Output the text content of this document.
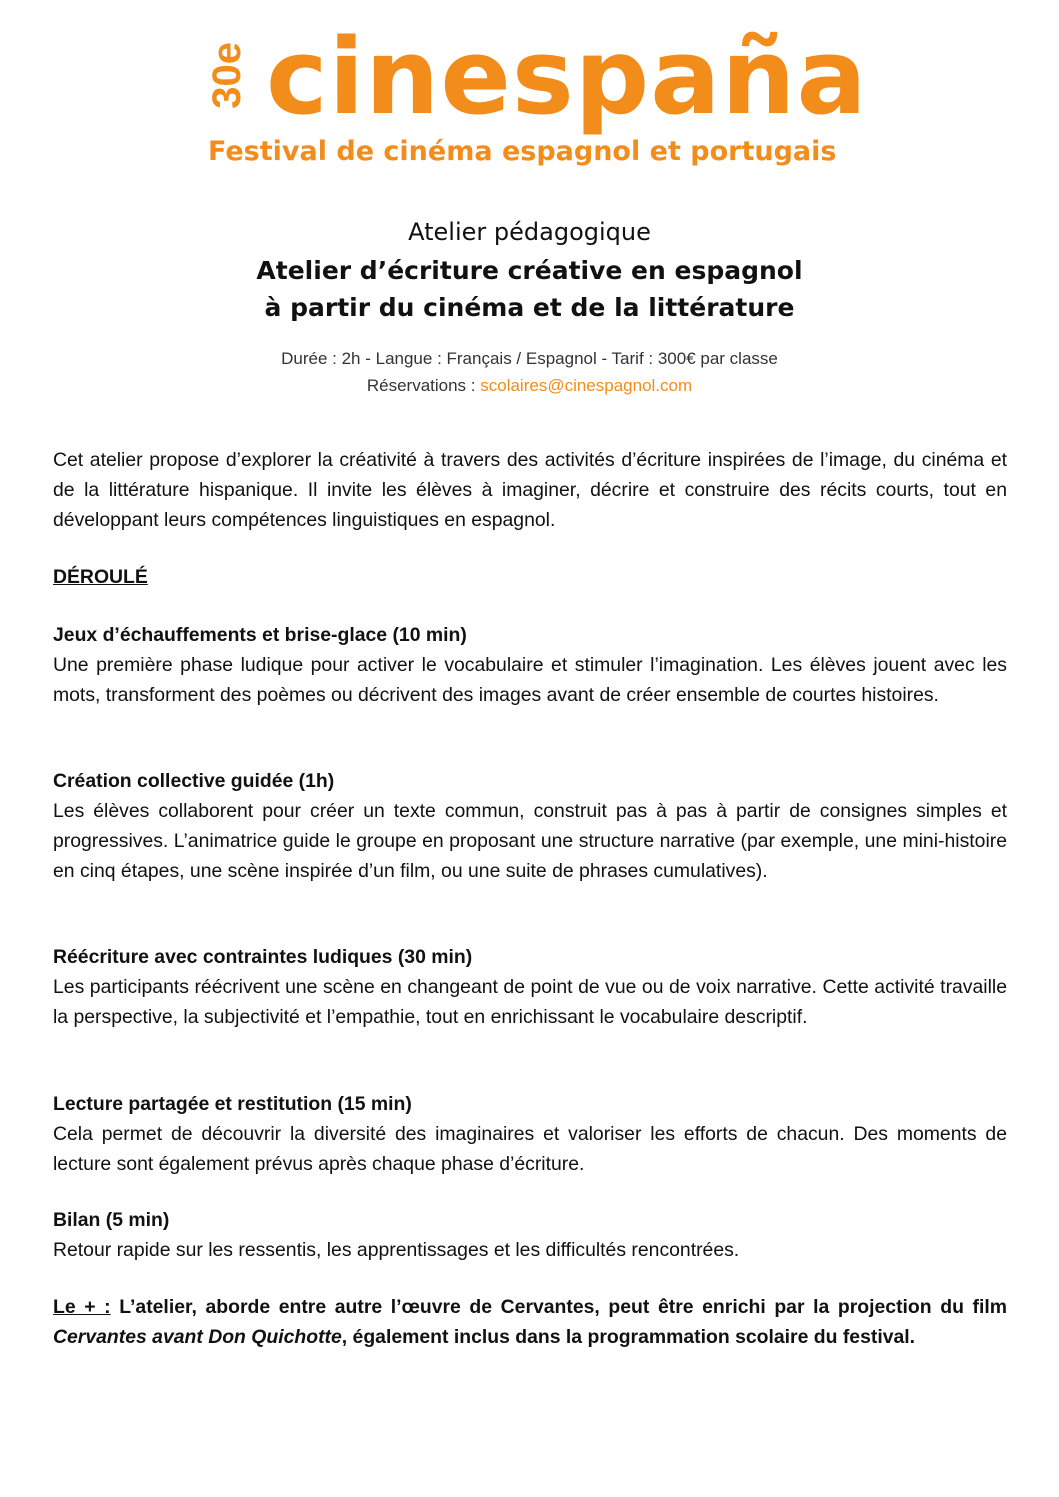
30e cinespaña
Festival de cinéma espagnol et portugais
Atelier pédagogique
Atelier d’écriture créative en espagnol
à partir du cinéma et de la littérature
Durée : 2h - Langue : Français / Espagnol - Tarif : 300€ par classe
Réservations : scolaires@cinespagnol.com
Cet atelier propose d’explorer la créativité à travers des activités d’écriture inspirées de l’image, du cinéma et de la littérature hispanique. Il invite les élèves à imaginer, décrire et construire des récits courts, tout en développant leurs compétences linguistiques en espagnol.
DÉROULÉ
Jeux d’échauffements et brise-glace (10 min)
Une première phase ludique pour activer le vocabulaire et stimuler l’imagination. Les élèves jouent avec les mots, transforment des poèmes ou décrivent des images avant de créer ensemble de courtes histoires.
Création collective guidée (1h)
Les élèves collaborent pour créer un texte commun, construit pas à pas à partir de consignes simples et progressives. L’animatrice guide le groupe en proposant une structure narrative (par exemple, une mini-histoire en cinq étapes, une scène inspirée d’un film, ou une suite de phrases cumulatives).
Réécriture avec contraintes ludiques (30 min)
Les participants réécrivent une scène en changeant de point de vue ou de voix narrative. Cette activité travaille la perspective, la subjectivité et l’empathie, tout en enrichissant le vocabulaire descriptif.
Lecture partagée et restitution (15 min)
Cela permet de découvrir la diversité des imaginaires et valoriser les efforts de chacun. Des moments de lecture sont également prévus après chaque phase d’écriture.
Bilan (5 min)
Retour rapide sur les ressentis, les apprentissages et les difficultés rencontrées.
Le + : L’atelier, aborde entre autre l’œuvre de Cervantes, peut être enrichi par la projection du film Cervantes avant Don Quichotte, également inclus dans la programmation scolaire du festival.
